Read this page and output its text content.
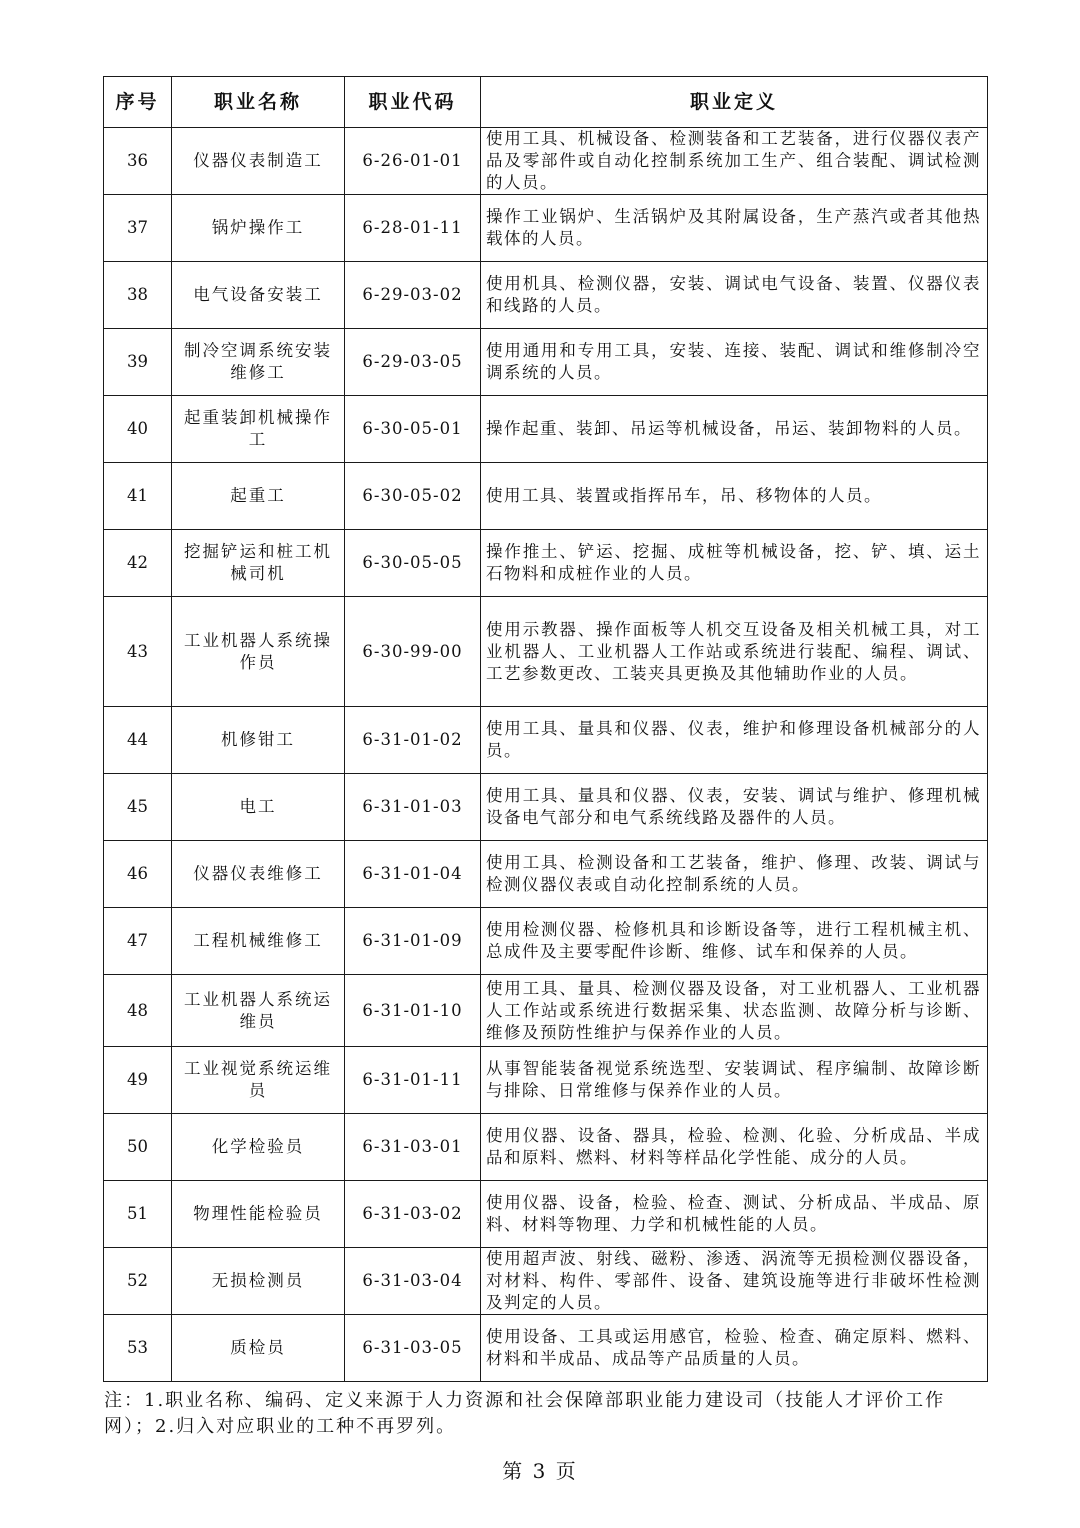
序号	职业名称	职业代码	职业定义
36	仪器仪表制造工	6-26-01-01	使用工具、机械设备、检测装备和工艺装备，进行仪器仪表产品及零部件或自动化控制系统加工生产、组合装配、调试检测的人员。
37	锅炉操作工	6-28-01-11	操作工业锅炉、生活锅炉及其附属设备，生产蒸汽或者其他热载体的人员。
38	电气设备安装工	6-29-03-02	使用机具、检测仪器，安装、调试电气设备、装置、仪器仪表和线路的人员。
39	制冷空调系统安装维修工	6-29-03-05	使用通用和专用工具，安装、连接、装配、调试和维修制冷空调系统的人员。
40	起重装卸机械操作工	6-30-05-01	操作起重、装卸、吊运等机械设备，吊运、装卸物料的人员。
41	起重工	6-30-05-02	使用工具、装置或指挥吊车，吊、移物体的人员。
42	挖掘铲运和桩工机械司机	6-30-05-05	操作推土、铲运、挖掘、成桩等机械设备，挖、铲、填、运土石物料和成桩作业的人员。
43	工业机器人系统操作员	6-30-99-00	使用示教器、操作面板等人机交互设备及相关机械工具，对工业机器人、工业机器人工作站或系统进行装配、编程、调试、工艺参数更改、工装夹具更换及其他辅助作业的人员。
44	机修钳工	6-31-01-02	使用工具、量具和仪器、仪表，维护和修理设备机械部分的人员。
45	电工	6-31-01-03	使用工具、量具和仪器、仪表，安装、调试与维护、修理机械设备电气部分和电气系统线路及器件的人员。
46	仪器仪表维修工	6-31-01-04	使用工具、检测设备和工艺装备，维护、修理、改装、调试与检测仪器仪表或自动化控制系统的人员。
47	工程机械维修工	6-31-01-09	使用检测仪器、检修机具和诊断设备等，进行工程机械主机、总成件及主要零配件诊断、维修、试车和保养的人员。
48	工业机器人系统运维员	6-31-01-10	使用工具、量具、检测仪器及设备，对工业机器人、工业机器人工作站或系统进行数据采集、状态监测、故障分析与诊断、维修及预防性维护与保养作业的人员。
49	工业视觉系统运维员	6-31-01-11	从事智能装备视觉系统选型、安装调试、程序编制、故障诊断与排除、日常维修与保养作业的人员。
50	化学检验员	6-31-03-01	使用仪器、设备、器具，检验、检测、化验、分析成品、半成品和原料、燃料、材料等样品化学性能、成分的人员。
51	物理性能检验员	6-31-03-02	使用仪器、设备，检验、检查、测试、分析成品、半成品、原料、材料等物理、力学和机械性能的人员。
52	无损检测员	6-31-03-04	使用超声波、射线、磁粉、渗透、涡流等无损检测仪器设备，对材料、构件、零部件、设备、建筑设施等进行非破坏性检测及判定的人员。
53	质检员	6-31-03-05	使用设备、工具或运用感官，检验、检查、确定原料、燃料、材料和半成品、成品等产品质量的人员。
注：1.职业名称、编码、定义来源于人力资源和社会保障部职业能力建设司（技能人才评价工作网）；2.归入对应职业的工种不再罗列。
第 3 页
